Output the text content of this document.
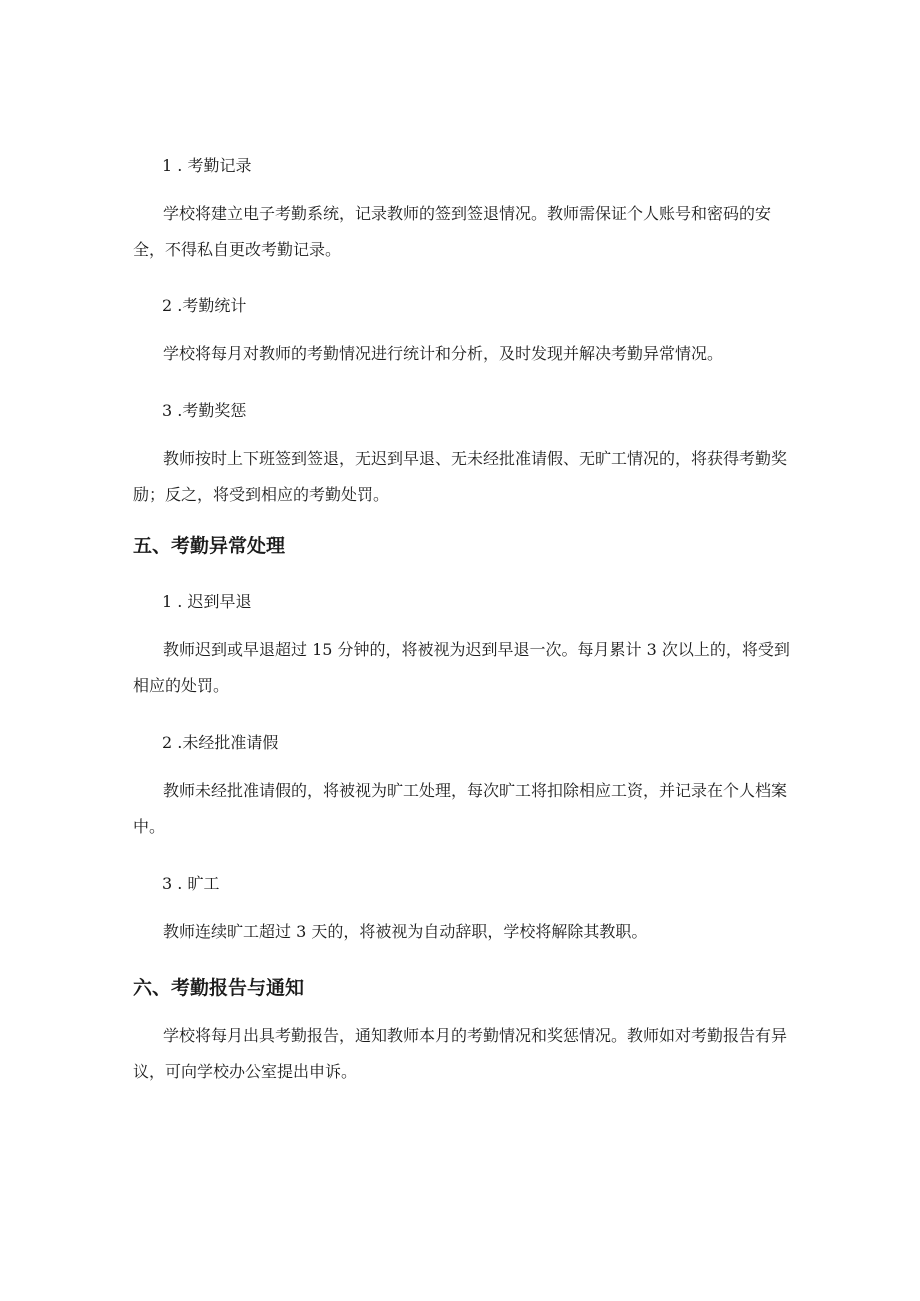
1 . 考勤记录
学校将建立电子考勤系统，记录教师的签到签退情况。教师需保证个人账号和密码的安全，不得私自更改考勤记录。
2 .考勤统计
学校将每月对教师的考勤情况进行统计和分析，及时发现并解决考勤异常情况。
3 .考勤奖惩
教师按时上下班签到签退，无迟到早退、无未经批准请假、无旷工情况的，将获得考勤奖励；反之，将受到相应的考勤处罚。
五、考勤异常处理
1 . 迟到早退
教师迟到或早退超过 15 分钟的，将被视为迟到早退一次。每月累计 3 次以上的，将受到相应的处罚。
2 .未经批准请假
教师未经批准请假的，将被视为旷工处理，每次旷工将扣除相应工资，并记录在个人档案中。
3 . 旷工
教师连续旷工超过 3 天的，将被视为自动辞职，学校将解除其教职。
六、考勤报告与通知
学校将每月出具考勤报告，通知教师本月的考勤情况和奖惩情况。教师如对考勤报告有异议，可向学校办公室提出申诉。
